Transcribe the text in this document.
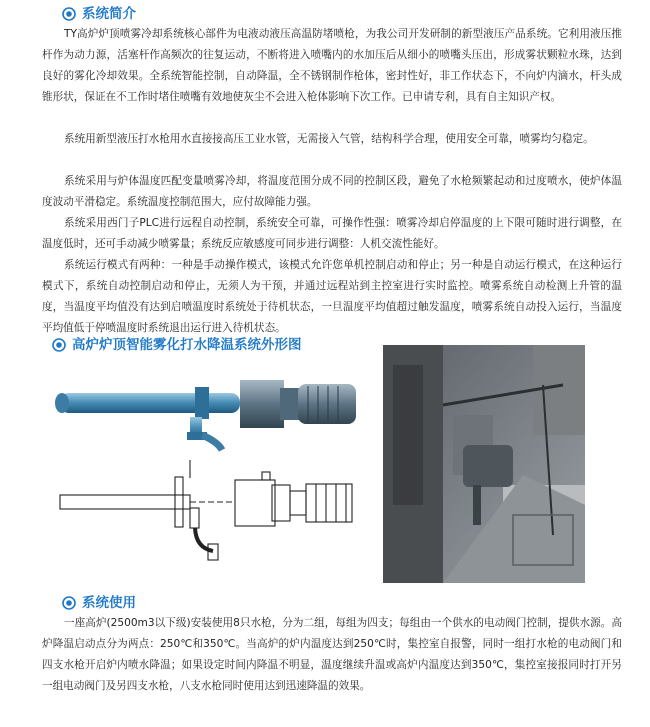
系统简介

TY高炉炉顶喷雾冷却系统核心部件为电液动液压高温防堵喷枪，为我公司开发研制的新型液压产品系统。它利用液压推杆作为动力源，活塞杆作高频次的往复运动，不断将进入喷嘴内的水加压后从细小的喷嘴头压出，形成雾状颗粒水珠，达到良好的雾化冷却效果。全系统智能控制，自动降温，全不锈钢制作枪体，密封性好，非工作状态下，不向炉内滴水，杆头成锥形状，保证在不工作时堵住喷嘴有效地使灰尘不会进入枪体影响下次工作。已申请专利，具有自主知识产权。

系统用新型液压打水枪用水直接接高压工业水管，无需接入气管，结构科学合理，使用安全可靠，喷雾均匀稳定。

系统采用与炉体温度匹配变量喷雾冷却，将温度范围分成不同的控制区段，避免了水枪频繁起动和过度喷水，使炉体温度波动平滑稳定。系统温度控制范围大，应付故障能力强。

系统采用西门子PLC进行远程自动控制，系统安全可靠，可操作性强：喷雾冷却启停温度的上下限可随时进行调整，在温度低时，还可手动减少喷雾量；系统反应敏感度可同步进行调整：人机交流性能好。

系统运行模式有两种：一种是手动操作模式，该模式允许您单机控制启动和停止；另一种是自动运行模式，在这种运行模式下，系统自动控制启动和停止，无须人为干预，并通过远程站到主控室进行实时监控。喷雾系统自动检测上升管的温度，当温度平均值没有达到启喷温度时系统处于待机状态，一旦温度平均值超过触发温度，喷雾系统自动投入运行，当温度平均值低于停喷温度时系统退出运行进入待机状态。

高炉炉顶智能雾化打水降温系统外形图
系统使用

一座高炉(2500m3以下级)安装使用8只水枪，分为二组，每组为四支；每组由一个供水的电动阀门控制，提供水源。高炉降温启动点分为两点：250℃和350℃。当高炉的炉内温度达到250℃时，集控室自报警，同时一组打水枪的电动阀门和四支水枪开启炉内喷水降温；如果设定时间内降温不明显，温度继续升温或高炉内温度达到350℃，集控室接报同时打开另一组电动阀门及另四支水枪，八支水枪同时使用达到迅速降温的效果。
